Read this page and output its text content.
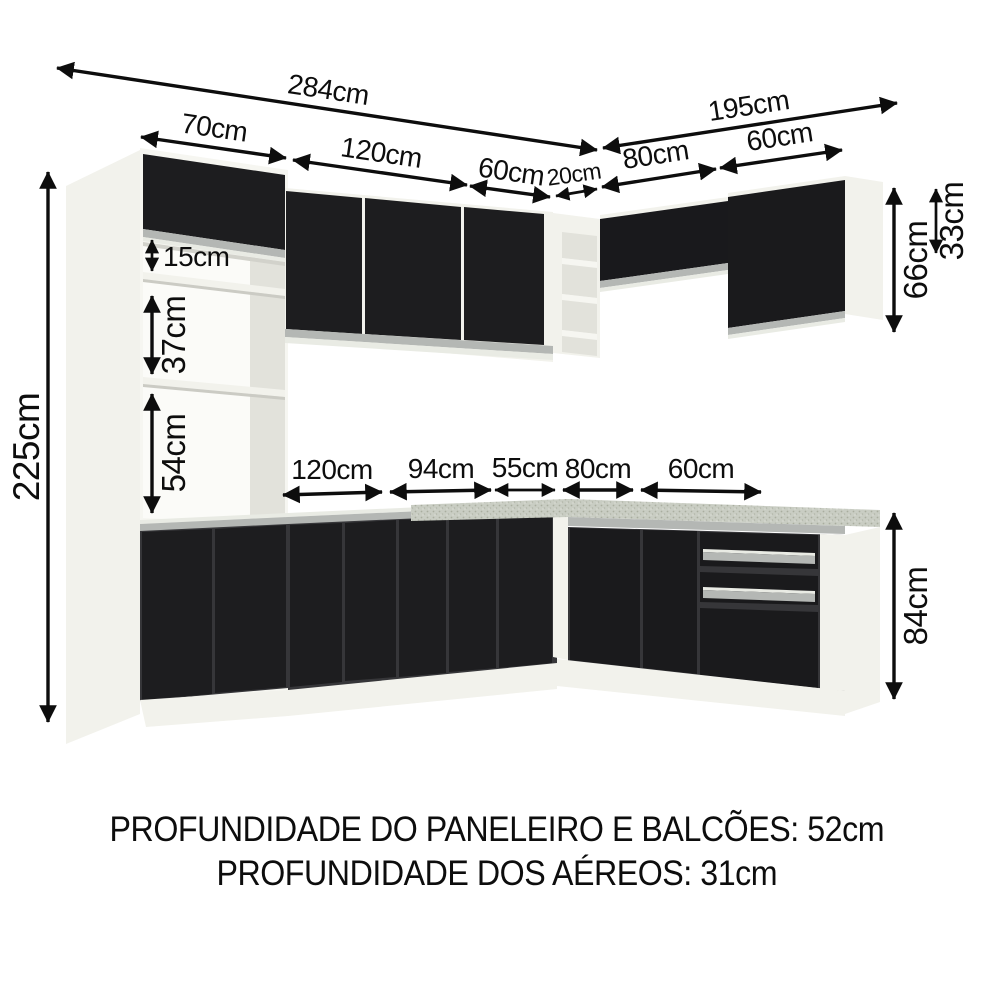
284cm	195cm
70cm
120cm 60cm
20cm 80cm 60cm
225cm
15cm
37cm
54cm	120cm 94cm 55cm 80cm 60cm
66cm 33cm
84cm
PROFUNDIDADE DO PANELEIRO E BALCÕES: 52cm
PROFUNDIDADE DOS AÉREOS: 31cm
